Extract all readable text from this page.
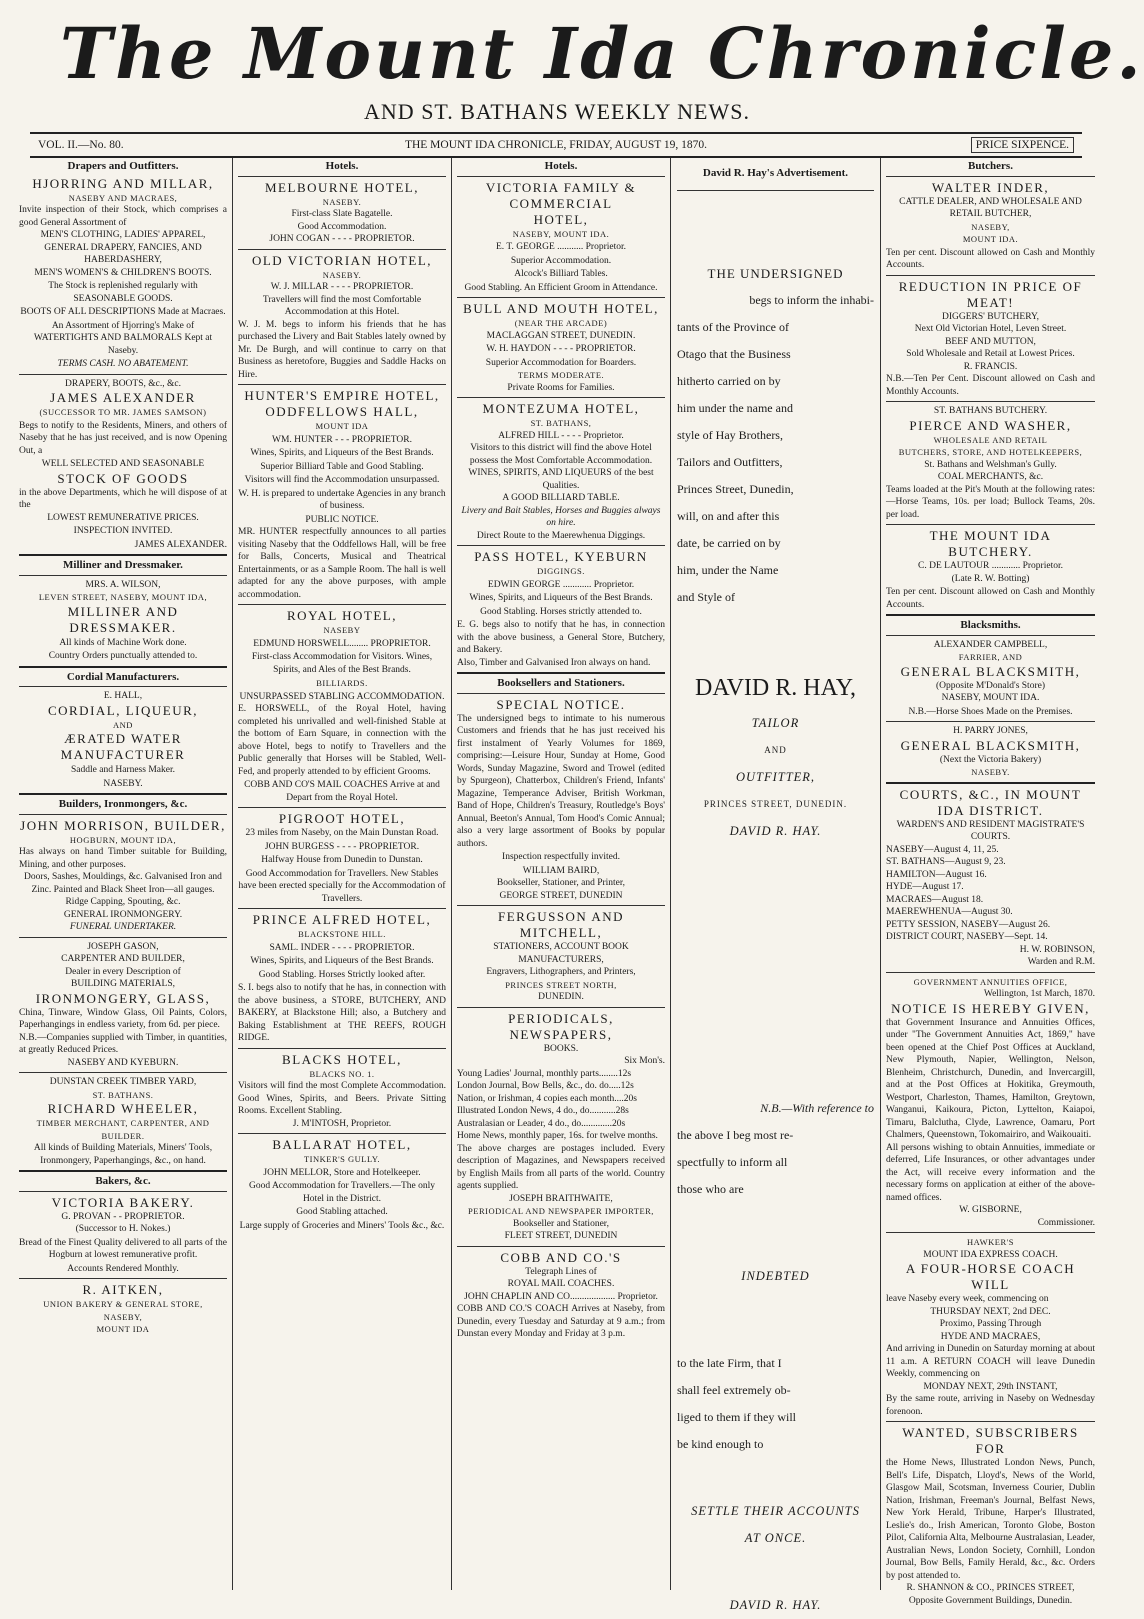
The Mount Ida Chronicle.
AND ST. BATHANS WEEKLY NEWS.
VOL. II.—No. 80.	THE MOUNT IDA CHRONICLE, FRIDAY, AUGUST 19, 1870.	PRICE SIXPENCE.
Drapers and Outfitters.
HJORRING AND MILLAR,
NASEBY AND MACRAES,
Invite inspection of their Stock, which comprises a good General Assortment of
MEN'S CLOTHING, LADIES' APPAREL,
GENERAL DRAPERY, FANCIES, AND HABERDASHERY,
MEN'S WOMEN'S & CHILDREN'S BOOTS.
The Stock is replenished regularly with SEASONABLE GOODS.
BOOTS OF ALL DESCRIPTIONS Made at Macraes.
An Assortment of Hjorring's Make of WATERTIGHTS AND BALMORALS Kept at Naseby.
TERMS CASH. NO ABATEMENT.
DRAPERY, BOOTS, &c., &c.
JAMES ALEXANDER
(SUCCESSOR TO MR. JAMES SAMSON)
Begs to notify to the Residents, Miners, and others of Naseby that he has just received, and is now Opening Out, a
WELL SELECTED AND SEASONABLE
STOCK OF GOODS
in the above Departments, which he will dispose of at the
LOWEST REMUNERATIVE PRICES.
INSPECTION INVITED.
JAMES ALEXANDER.
Milliner and Dressmaker.
MRS. A. WILSON,
LEVEN STREET, NASEBY, MOUNT IDA,
MILLINER AND DRESSMAKER.
All kinds of Machine Work done.
Country Orders punctually attended to.
Cordial Manufacturers.
E. HALL,
CORDIAL, LIQUEUR,
AND
ÆRATED WATER MANUFACTURER
Saddle and Harness Maker.
NASEBY.
Builders, Ironmongers, &c.
JOHN MORRISON, BUILDER,
HOGBURN, MOUNT IDA,
Has always on hand Timber suitable for Building, Mining, and other purposes.
Doors, Sashes, Mouldings, &c. Galvanised Iron and Zinc. Painted and Black Sheet Iron—all gauges. Ridge Capping, Spouting, &c.
GENERAL IRONMONGERY.
FUNERAL UNDERTAKER.
JOSEPH GASON,
CARPENTER AND BUILDER,
Dealer in every Description of
BUILDING MATERIALS,
IRONMONGERY, GLASS,
China, Tinware, Window Glass, Oil Paints, Colors, Paperhangings in endless variety, from 6d. per piece.
N.B.—Companies supplied with Timber, in quantities, at greatly Reduced Prices.
NASEBY AND KYEBURN.
DUNSTAN CREEK TIMBER YARD,
ST. BATHANS.
RICHARD WHEELER,
TIMBER MERCHANT, CARPENTER, AND BUILDER.
All kinds of Building Materials, Miners' Tools, Ironmongery, Paperhangings, &c., on hand.
Bakers, &c.
VICTORIA BAKERY.
G. PROVAN - - PROPRIETOR.
(Successor to H. Nokes.)
Bread of the Finest Quality delivered to all parts of the Hogburn at lowest remunerative profit.
Accounts Rendered Monthly.
R. AITKEN,
UNION BAKERY & GENERAL STORE,
NASEBY,
MOUNT IDA
Hotels.
MELBOURNE HOTEL,
NASEBY.
First-class Slate Bagatelle.
Good Accommodation.
JOHN COGAN - - - - PROPRIETOR.
OLD VICTORIAN HOTEL,
NASEBY.
W. J. MILLAR - - - - PROPRIETOR.
Travellers will find the most Comfortable Accommodation at this Hotel.
W. J. M. begs to inform his friends that he has purchased the Livery and Bait Stables lately owned by Mr. De Burgh, and will continue to carry on that Business as heretofore, Buggies and Saddle Hacks on Hire.
HUNTER'S EMPIRE HOTEL,
ODDFELLOWS HALL,
MOUNT IDA
WM. HUNTER - - - PROPRIETOR.
Wines, Spirits, and Liqueurs of the Best Brands.
Superior Billiard Table and Good Stabling.
Visitors will find the Accommodation unsurpassed.
W. H. is prepared to undertake Agencies in any branch of business.
PUBLIC NOTICE.
MR. HUNTER respectfully announces to all parties visiting Naseby that the Oddfellows Hall, will be free for Balls, Concerts, Musical and Theatrical Entertainments, or as a Sample Room. The hall is well adapted for any the above purposes, with ample accommodation.
ROYAL HOTEL,
NASEBY
EDMUND HORSWELL........ PROPRIETOR.
First-class Accommodation for Visitors. Wines, Spirits, and Ales of the Best Brands.
BILLIARDS.
UNSURPASSED STABLING ACCOMMODATION.
E. HORSWELL, of the Royal Hotel, having completed his unrivalled and well-finished Stable at the bottom of Earn Square, in connection with the above Hotel, begs to notify to Travellers and the Public generally that Horses will be Stabled, Well-Fed, and properly attended to by efficient Grooms.
COBB AND CO'S MAIL COACHES Arrive at and Depart from the Royal Hotel.
PIGROOT HOTEL,
23 miles from Naseby, on the Main Dunstan Road.
JOHN BURGESS - - - - PROPRIETOR.
Halfway House from Dunedin to Dunstan.
Good Accommodation for Travellers. New Stables have been erected specially for the Accommodation of Travellers.
PRINCE ALFRED HOTEL,
BLACKSTONE HILL.
SAML. INDER - - - - PROPRIETOR.
Wines, Spirits, and Liqueurs of the Best Brands.
Good Stabling. Horses Strictly looked after.
S. I. begs also to notify that he has, in connection with the above business, a STORE, BUTCHERY, AND BAKERY, at Blackstone Hill; also, a Butchery and Baking Establishment at THE REEFS, ROUGH RIDGE.
BLACKS HOTEL,
BLACKS NO. 1.
Visitors will find the most Complete Accommodation. Good Wines, Spirits, and Beers. Private Sitting Rooms. Excellent Stabling.
J. M'INTOSH, Proprietor.
BALLARAT HOTEL,
TINKER'S GULLY.
JOHN MELLOR, Store and Hotelkeeper.
Good Accommodation for Travellers.—The only Hotel in the District.
Good Stabling attached.
Large supply of Groceries and Miners' Tools &c., &c.
Hotels.
VICTORIA FAMILY & COMMERCIAL
HOTEL,
NASEBY, MOUNT IDA.
E. T. GEORGE ........... Proprietor.
Superior Accommodation.
Alcock's Billiard Tables.
Good Stabling. An Efficient Groom in Attendance.
BULL AND MOUTH HOTEL,
(NEAR THE ARCADE)
MACLAGGAN STREET, DUNEDIN.
W. H. HAYDON - - - - PROPRIETOR.
Superior Accommodation for Boarders.
TERMS MODERATE.
Private Rooms for Families.
MONTEZUMA HOTEL,
ST. BATHANS,
ALFRED HILL - - - - Proprietor.
Visitors to this district will find the above Hotel possess the Most Comfortable Accommodation. WINES, SPIRITS, AND LIQUEURS of the best Qualities.
A GOOD BILLIARD TABLE.
Livery and Bait Stables, Horses and Buggies always on hire.
Direct Route to the Maerewhenua Diggings.
PASS HOTEL, KYEBURN
DIGGINGS.
EDWIN GEORGE ............ Proprietor.
Wines, Spirits, and Liqueurs of the Best Brands.
Good Stabling. Horses strictly attended to.
E. G. begs also to notify that he has, in connection with the above business, a General Store, Butchery, and Bakery.
Also, Timber and Galvanised Iron always on hand.
Booksellers and Stationers.
SPECIAL NOTICE.
The undersigned begs to intimate to his numerous Customers and friends that he has just received his first instalment of Yearly Volumes for 1869, comprising:—Leisure Hour, Sunday at Home, Good Words, Sunday Magazine, Sword and Trowel (edited by Spurgeon), Chatterbox, Children's Friend, Infants' Magazine, Temperance Adviser, British Workman, Band of Hope, Children's Treasury, Routledge's Boys' Annual, Beeton's Annual, Tom Hood's Comic Annual; also a very large assortment of Books by popular authors.
Inspection respectfully invited.
WILLIAM BAIRD,
Bookseller, Stationer, and Printer,
GEORGE STREET, DUNEDIN
FERGUSSON AND MITCHELL,
STATIONERS, ACCOUNT BOOK MANUFACTURERS,
Engravers, Lithographers, and Printers,
PRINCES STREET NORTH,
DUNEDIN.
PERIODICALS, NEWSPAPERS,
BOOKS.
Six Mon's.
Young Ladies' Journal, monthly parts........12s
London Journal, Bow Bells, &c., do. do.....12s
Nation, or Irishman, 4 copies each month....20s
Illustrated London News, 4 do., do...........28s
Australasian or Leader, 4 do., do.............20s
Home News, monthly paper, 16s. for twelve months.
The above charges are postages included. Every description of Magazines, and Newspapers received by English Mails from all parts of the world. Country agents supplied.
JOSEPH BRAITHWAITE,
PERIODICAL AND NEWSPAPER IMPORTER,
Bookseller and Stationer,
FLEET STREET, DUNEDIN
COBB AND CO.'S
Telegraph Lines of
ROYAL MAIL COACHES.
JOHN CHAPLIN AND CO................... Proprietor.
COBB AND CO.'S COACH Arrives at Naseby, from Dunedin, every Tuesday and Saturday at 9 a.m.; from Dunstan every Monday and Friday at 3 p.m.
David R. Hay's Advertisement.
THE UNDERSIGNED
begs to inform the inhabi-
tants of the Province of
Otago that the Business
hitherto carried on by
him under the name and
style of Hay Brothers,
Tailors and Outfitters,
Princes Street, Dunedin,
will, on and after this
date, be carried on by
him, under the Name
and Style of
DAVID R. HAY,
TAILOR
AND
OUTFITTER,
PRINCES STREET, DUNEDIN.
DAVID R. HAY.
N.B.—With reference to
the above I beg most re-
spectfully to inform all
those who are
INDEBTED
to the late Firm, that I
shall feel extremely ob-
liged to them if they will
be kind enough to
SETTLE THEIR ACCOUNTS
AT ONCE.
DAVID R. HAY.
Butchers.
WALTER INDER,
CATTLE DEALER, AND WHOLESALE AND RETAIL BUTCHER,
NASEBY,
MOUNT IDA.
Ten per cent. Discount allowed on Cash and Monthly Accounts.
REDUCTION IN PRICE OF MEAT!
DIGGERS' BUTCHERY,
Next Old Victorian Hotel, Leven Street.
BEEF AND MUTTON,
Sold Wholesale and Retail at Lowest Prices.
R. FRANCIS.
N.B.—Ten Per Cent. Discount allowed on Cash and Monthly Accounts.
ST. BATHANS BUTCHERY.
PIERCE AND WASHER,
WHOLESALE AND RETAIL
BUTCHERS, STORE, AND HOTELKEEPERS,
St. Bathans and Welshman's Gully.
COAL MERCHANTS, &c.
Teams loaded at the Pit's Mouth at the following rates:—Horse Teams, 10s. per load; Bullock Teams, 20s. per load.
THE MOUNT IDA BUTCHERY.
C. DE LAUTOUR ............ Proprietor.
(Late R. W. Botting)
Ten per cent. Discount allowed on Cash and Monthly Accounts.
Blacksmiths.
ALEXANDER CAMPBELL,
FARRIER, AND
GENERAL BLACKSMITH,
(Opposite M'Donald's Store)
NASEBY, MOUNT IDA.
N.B.—Horse Shoes Made on the Premises.
H. PARRY JONES,
GENERAL BLACKSMITH,
(Next the Victoria Bakery)
NASEBY.
COURTS, &C., IN MOUNT IDA DISTRICT.
WARDEN'S AND RESIDENT MAGISTRATE'S COURTS.
NASEBY—August 4, 11, 25.
ST. BATHANS—August 9, 23.
HAMILTON—August 16.
HYDE—August 17.
MACRAES—August 18.
MAEREWHENUA—August 30.
PETTY SESSION, NASEBY—August 26.
DISTRICT COURT, NASEBY—Sept. 14.
H. W. ROBINSON,
Warden and R.M.
GOVERNMENT ANNUITIES OFFICE,
Wellington, 1st March, 1870.
NOTICE IS HEREBY GIVEN,
that Government Insurance and Annuities Offices, under "The Government Annuities Act, 1869," have been opened at the Chief Post Offices at Auckland, New Plymouth, Napier, Wellington, Nelson, Blenheim, Christchurch, Dunedin, and Invercargill, and at the Post Offices at Hokitika, Greymouth, Westport, Charleston, Thames, Hamilton, Greytown, Wanganui, Kaikoura, Picton, Lyttelton, Kaiapoi, Timaru, Balclutha, Clyde, Lawrence, Oamaru, Port Chalmers, Queenstown, Tokomairiro, and Waikouaiti.
All persons wishing to obtain Annuities, immediate or deferred, Life Insurances, or other advantages under the Act, will receive every information and the necessary forms on application at either of the above-named offices.
W. GISBORNE,
Commissioner.
HAWKER'S
MOUNT IDA EXPRESS COACH.
A FOUR-HORSE COACH WILL
leave Naseby every week, commencing on
THURSDAY NEXT, 2nd DEC.
Proximo, Passing Through
HYDE AND MACRAES,
And arriving in Dunedin on Saturday morning at about 11 a.m. A RETURN COACH will leave Dunedin Weekly, commencing on
MONDAY NEXT, 29th INSTANT,
By the same route, arriving in Naseby on Wednesday forenoon.
WANTED, SUBSCRIBERS FOR
the Home News, Illustrated London News, Punch, Bell's Life, Dispatch, Lloyd's, News of the World, Glasgow Mail, Scotsman, Inverness Courier, Dublin Nation, Irishman, Freeman's Journal, Belfast News, New York Herald, Tribune, Harper's Illustrated, Leslie's do., Irish American, Toronto Globe, Boston Pilot, California Alta, Melbourne Australasian, Leader, Australian News, London Society, Cornhill, London Journal, Bow Bells, Family Herald, &c., &c. Orders by post attended to.
R. SHANNON & CO., PRINCES STREET,
Opposite Government Buildings, Dunedin.
